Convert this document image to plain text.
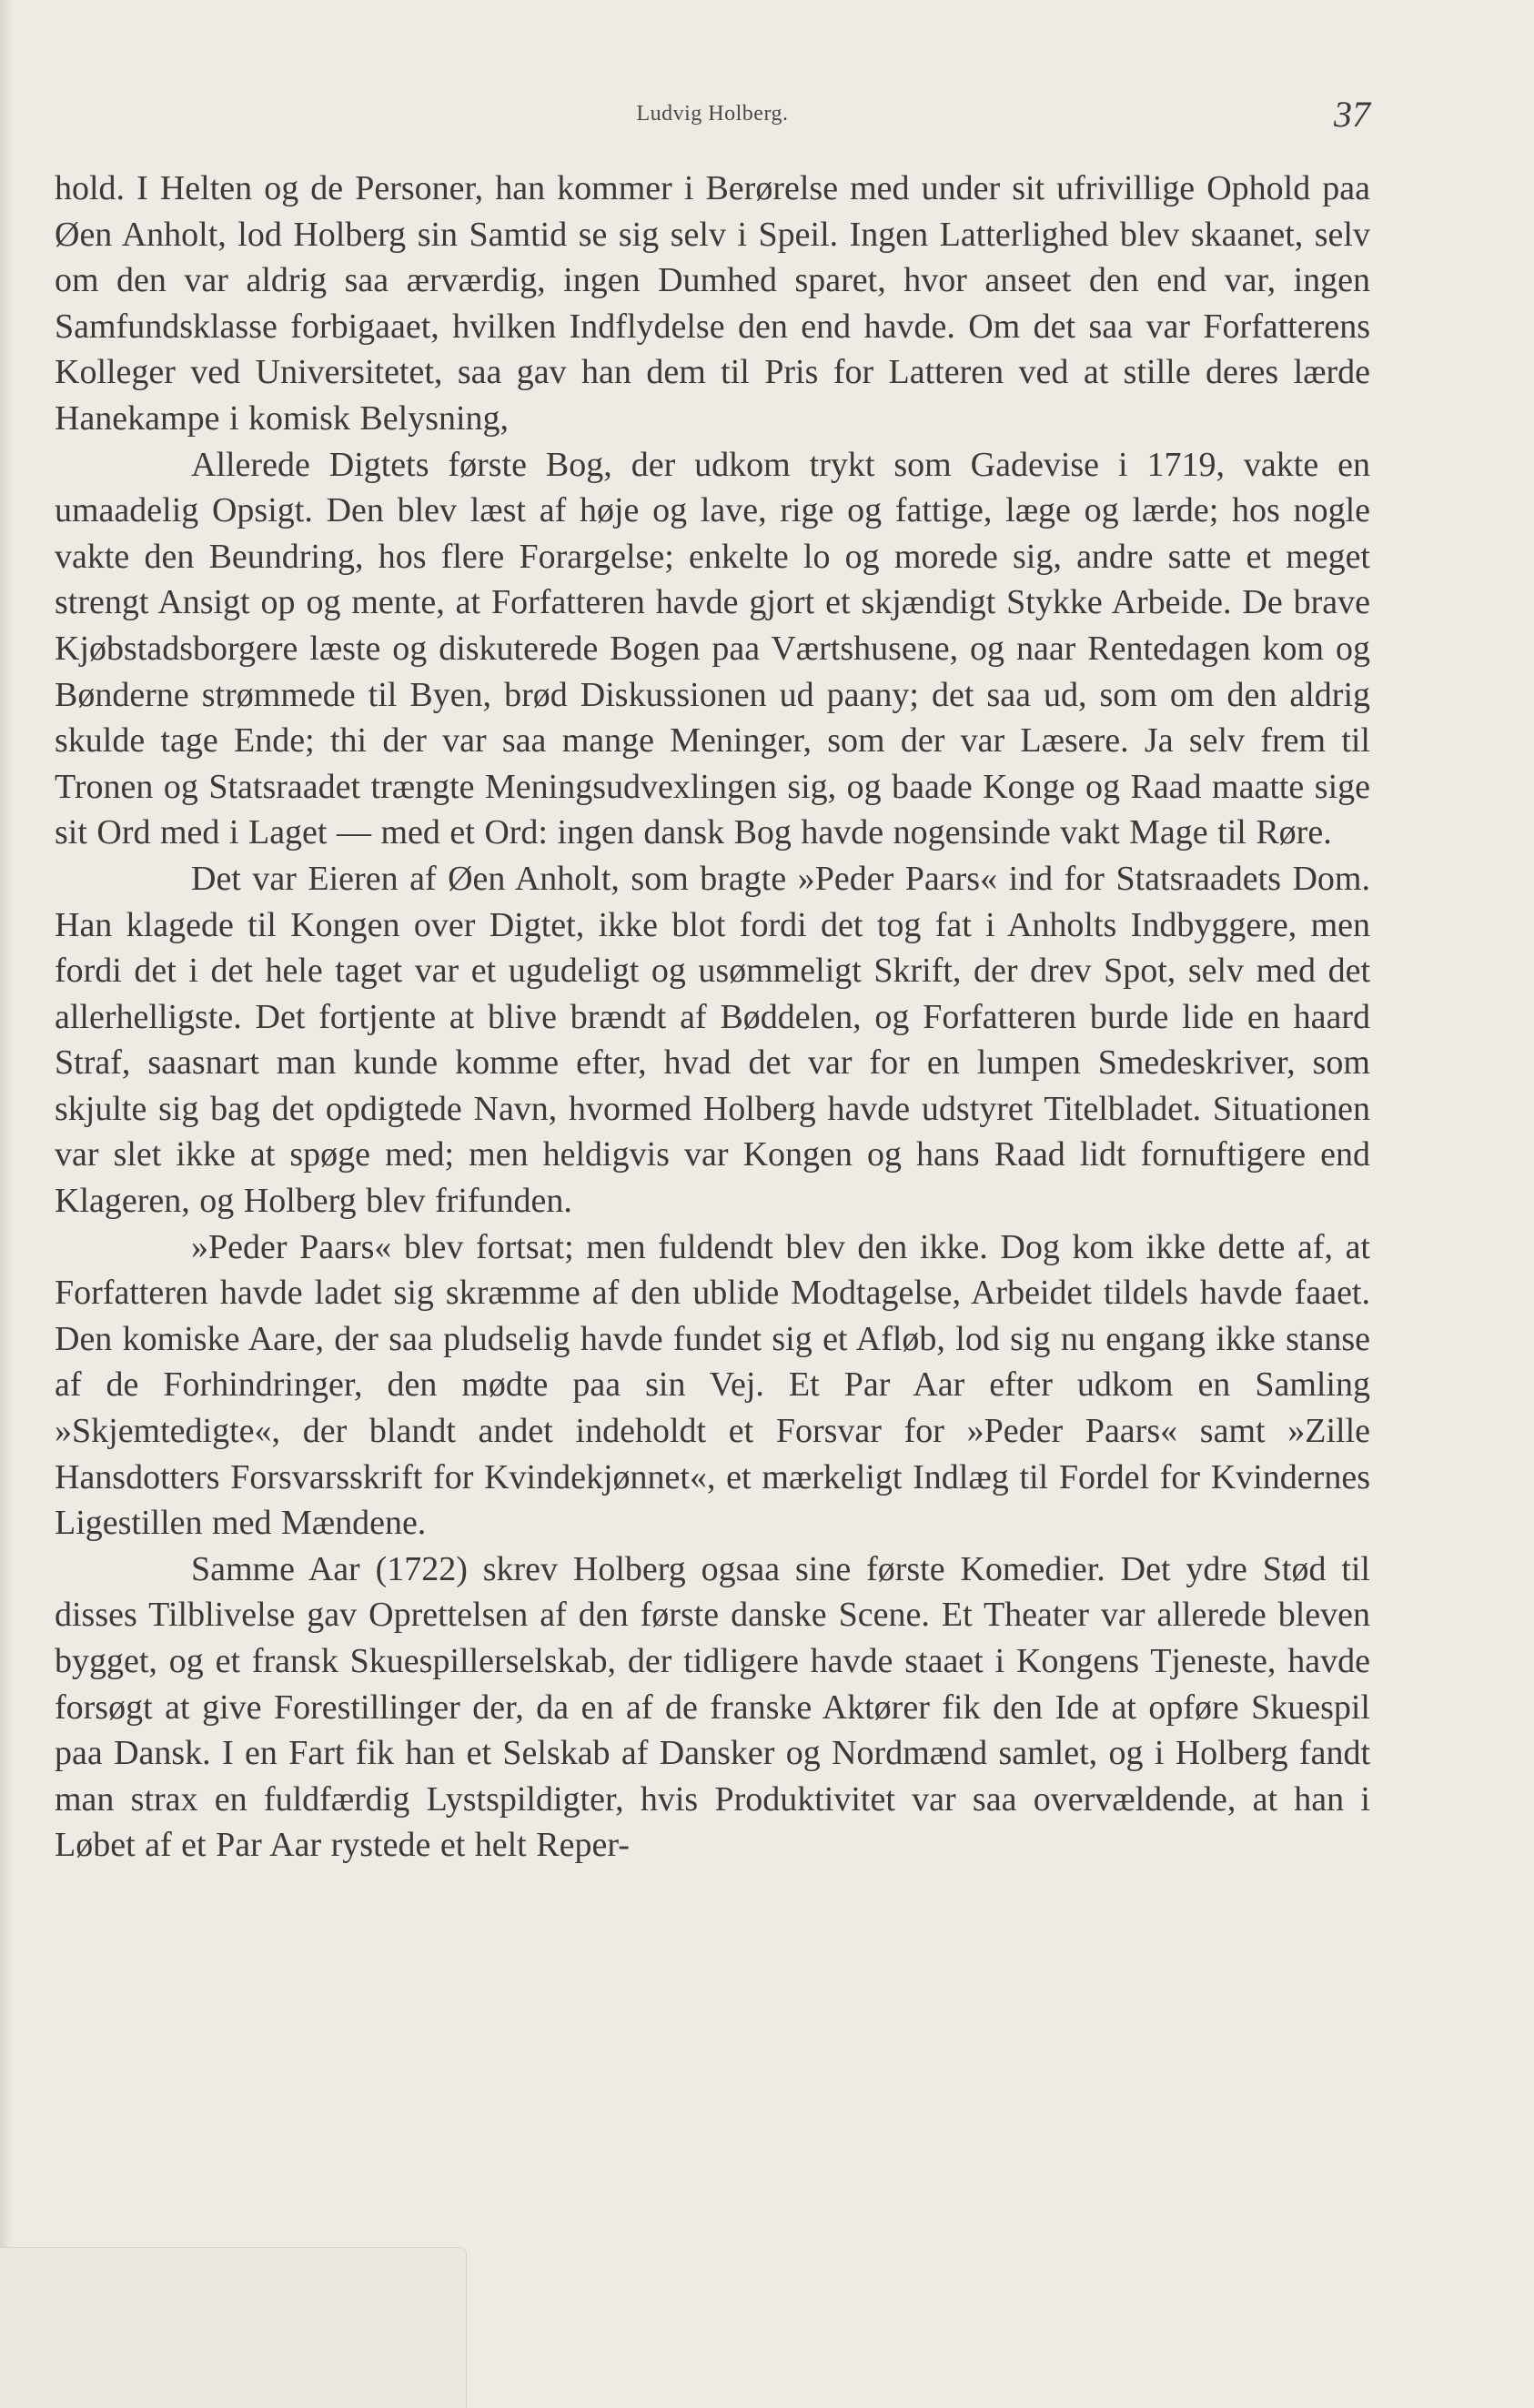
Ludvig Holberg.	37

hold. I Helten og de Personer, han kommer i Berørelse med under sit ufrivillige Ophold paa Øen Anholt, lod Holberg sin Samtid se sig selv i Speil. Ingen Latterlighed blev skaanet, selv om den var aldrig saa ærværdig, ingen Dumhed sparet, hvor anseet den end var, ingen Samfundsklasse forbigaaet, hvilken Indflydelse den end havde. Om det saa var Forfatterens Kolleger ved Universitetet, saa gav han dem til Pris for Latteren ved at stille deres lærde Hanekampe i komisk Belysning,

Allerede Digtets første Bog, der udkom trykt som Gadevise i 1719, vakte en umaadelig Opsigt. Den blev læst af høje og lave, rige og fattige, læge og lærde; hos nogle vakte den Beundring, hos flere Forargelse; enkelte lo og morede sig, andre satte et meget strengt Ansigt op og mente, at Forfatteren havde gjort et skjændigt Stykke Arbeide. De brave Kjøbstadsborgere læste og diskuterede Bogen paa Værtshusene, og naar Rentedagen kom og Bønderne strømmede til Byen, brød Diskussionen ud paany; det saa ud, som om den aldrig skulde tage Ende; thi der var saa mange Meninger, som der var Læsere. Ja selv frem til Tronen og Statsraadet trængte Meningsudvexlingen sig, og baade Konge og Raad maatte sige sit Ord med i Laget — med et Ord: ingen dansk Bog havde nogensinde vakt Mage til Røre.

Det var Eieren af Øen Anholt, som bragte »Peder Paars« ind for Statsraadets Dom. Han klagede til Kongen over Digtet, ikke blot fordi det tog fat i Anholts Indbyggere, men fordi det i det hele taget var et ugudeligt og usømmeligt Skrift, der drev Spot, selv med det allerhelligste. Det fortjente at blive brændt af Bøddelen, og Forfatteren burde lide en haard Straf, saasnart man kunde komme efter, hvad det var for en lumpen Smedeskriver, som skjulte sig bag det opdigtede Navn, hvormed Holberg havde udstyret Titelbladet. Situationen var slet ikke at spøge med; men heldigvis var Kongen og hans Raad lidt fornuftigere end Klageren, og Holberg blev frifunden.

»Peder Paars« blev fortsat; men fuldendt blev den ikke. Dog kom ikke dette af, at Forfatteren havde ladet sig skræmme af den ublide Modtagelse, Arbeidet tildels havde faaet. Den komiske Aare, der saa pludselig havde fundet sig et Afløb, lod sig nu engang ikke stanse af de Forhindringer, den mødte paa sin Vej. Et Par Aar efter udkom en Samling »Skjemtedigte«, der blandt andet indeholdt et Forsvar for »Peder Paars« samt »Zille Hansdotters Forsvarsskrift for Kvindekjønnet«, et mærkeligt Indlæg til Fordel for Kvindernes Ligestillen med Mændene.

Samme Aar (1722) skrev Holberg ogsaa sine første Komedier. Det ydre Stød til disses Tilblivelse gav Oprettelsen af den første danske Scene. Et Theater var allerede bleven bygget, og et fransk Skuespillerselskab, der tidligere havde staaet i Kongens Tjeneste, havde forsøgt at give Forestillinger der, da en af de franske Aktører fik den Ide at opføre Skuespil paa Dansk. I en Fart fik han et Selskab af Dansker og Nordmænd samlet, og i Holberg fandt man strax en fuldfærdig Lystspildigter, hvis Produktivitet var saa overvældende, at han i Løbet af et Par Aar rystede et helt Reper-
